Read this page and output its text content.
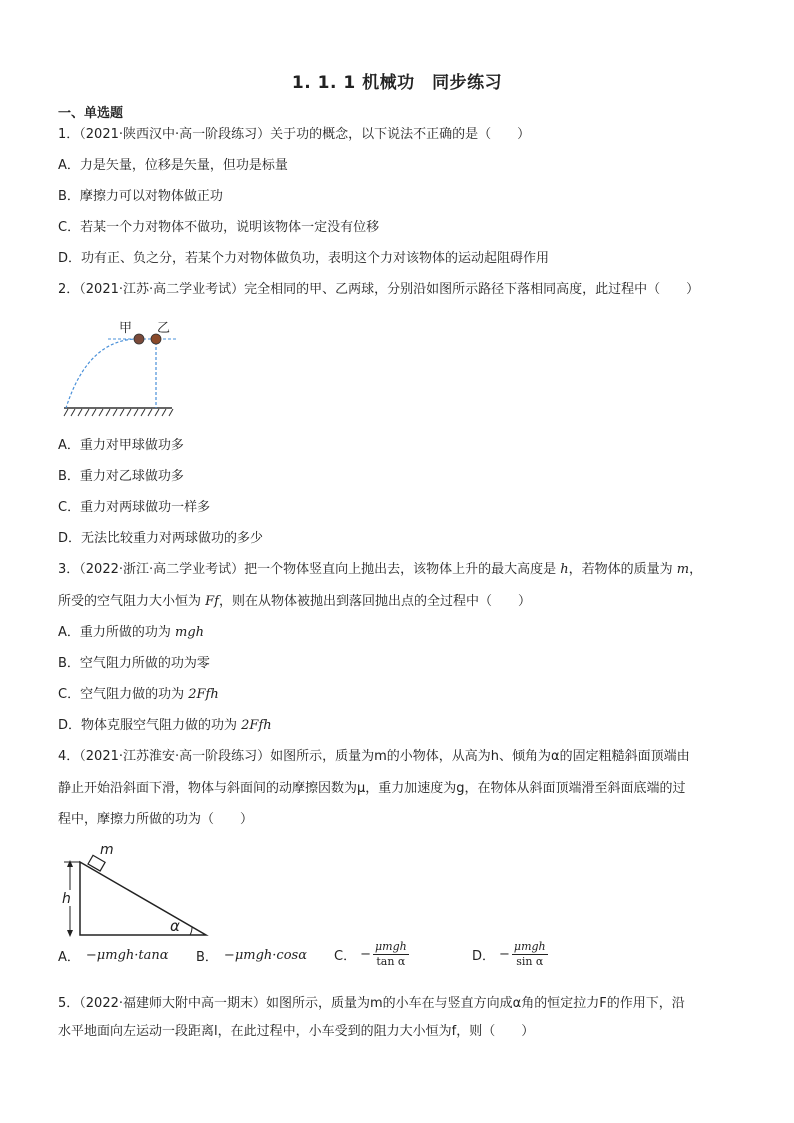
1. 1. 1 机械功　同步练习
一、单选题
1．（2021·陕西汉中·高一阶段练习）关于功的概念，以下说法不正确的是（　　）
A．力是矢量，位移是矢量，但功是标量
B．摩擦力可以对物体做正功
C．若某一个力对物体不做功，说明该物体一定没有位移
D．功有正、负之分，若某个力对物体做负功，表明这个力对该物体的运动起阻碍作用
2．（2021·江苏·高二学业考试）完全相同的甲、乙两球，分别沿如图所示路径下落相同高度，此过程中（　　）
甲 乙
A．重力对甲球做功多
B．重力对乙球做功多
C．重力对两球做功一样多
D．无法比较重力对两球做功的多少
3．（2022·浙江·高二学业考试）把一个物体竖直向上抛出去，该物体上升的最大高度是 h，若物体的质量为 m，
所受的空气阻力大小恒为 Ff，则在从物体被抛出到落回抛出点的全过程中（　　）
A．重力所做的功为 mgh
B．空气阻力所做的功为零
C．空气阻力做的功为 2Ffh
D．物体克服空气阻力做的功为 2Ffh
4．（2021·江苏淮安·高一阶段练习）如图所示，质量为m的小物体，从高为h、倾角为α的固定粗糙斜面顶端由
静止开始沿斜面下滑，物体与斜面间的动摩擦因数为μ，重力加速度为g，在物体从斜面顶端滑至斜面底端的过
程中，摩擦力所做的功为（　　）
m
h
α
A． −μmgh·tanα B． −μmgh·cosα C． − $\frac{\text{μmgh}}{\text{tan α}}$	D． − $\frac{\text{μmgh}}{\text{sin α}}$
5．（2022·福建师大附中高一期末）如图所示，质量为m的小车在与竖直方向成α角的恒定拉力F的作用下，沿
水平地面向左运动一段距离l，在此过程中，小车受到的阻力大小恒为f，则（　　）
